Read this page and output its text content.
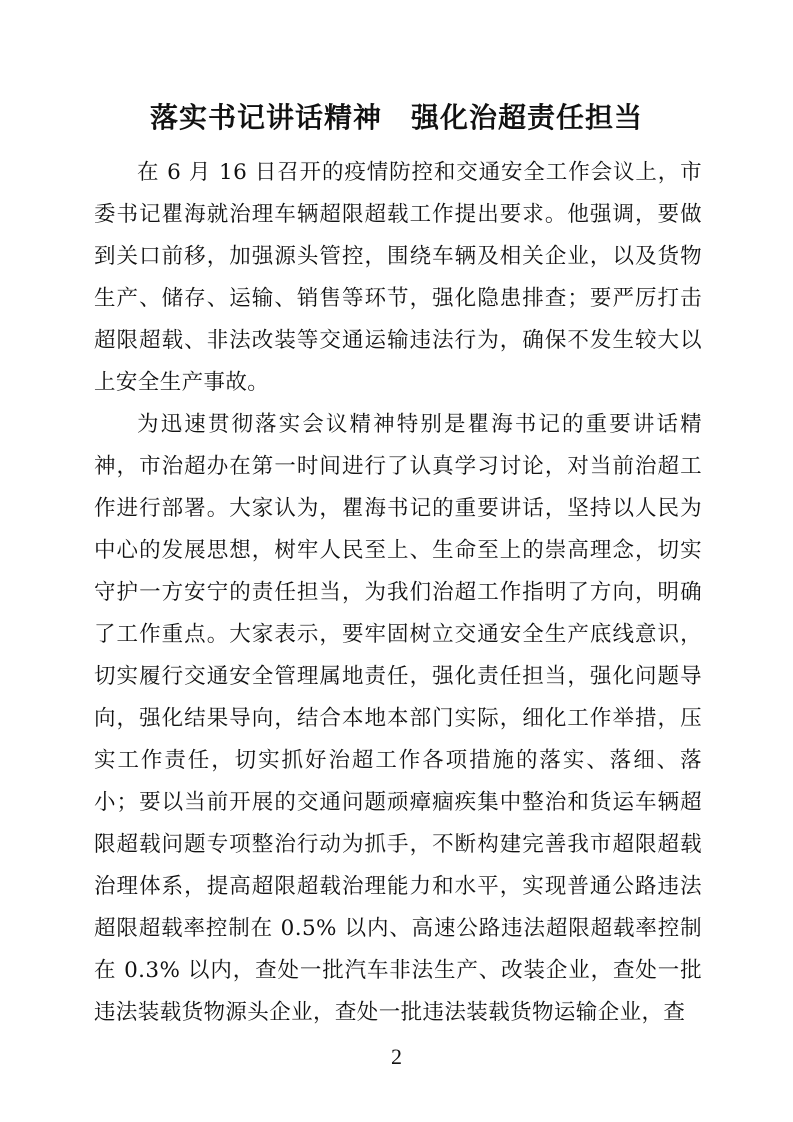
落实书记讲话精神　强化治超责任担当

在 6 月 16 日召开的疫情防控和交通安全工作会议上，市委书记瞿海就治理车辆超限超载工作提出要求。他强调，要做到关口前移，加强源头管控，围绕车辆及相关企业，以及货物生产、储存、运输、销售等环节，强化隐患排查；要严厉打击超限超载、非法改装等交通运输违法行为，确保不发生较大以上安全生产事故。

为迅速贯彻落实会议精神特别是瞿海书记的重要讲话精神，市治超办在第一时间进行了认真学习讨论，对当前治超工作进行部署。大家认为，瞿海书记的重要讲话，坚持以人民为中心的发展思想，树牢人民至上、生命至上的崇高理念，切实守护一方安宁的责任担当，为我们治超工作指明了方向，明确了工作重点。大家表示，要牢固树立交通安全生产底线意识，切实履行交通安全管理属地责任，强化责任担当，强化问题导向，强化结果导向，结合本地本部门实际，细化工作举措，压实工作责任，切实抓好治超工作各项措施的落实、落细、落小；要以当前开展的交通问题顽瘴痼疾集中整治和货运车辆超限超载问题专项整治行动为抓手，不断构建完善我市超限超载治理体系，提高超限超载治理能力和水平，实现普通公路违法超限超载率控制在 0.5% 以内、高速公路违法超限超载率控制在 0.3% 以内，查处一批汽车非法生产、改装企业，查处一批违法装载货物源头企业，查处一批违法装载货物运输企业，查

2
